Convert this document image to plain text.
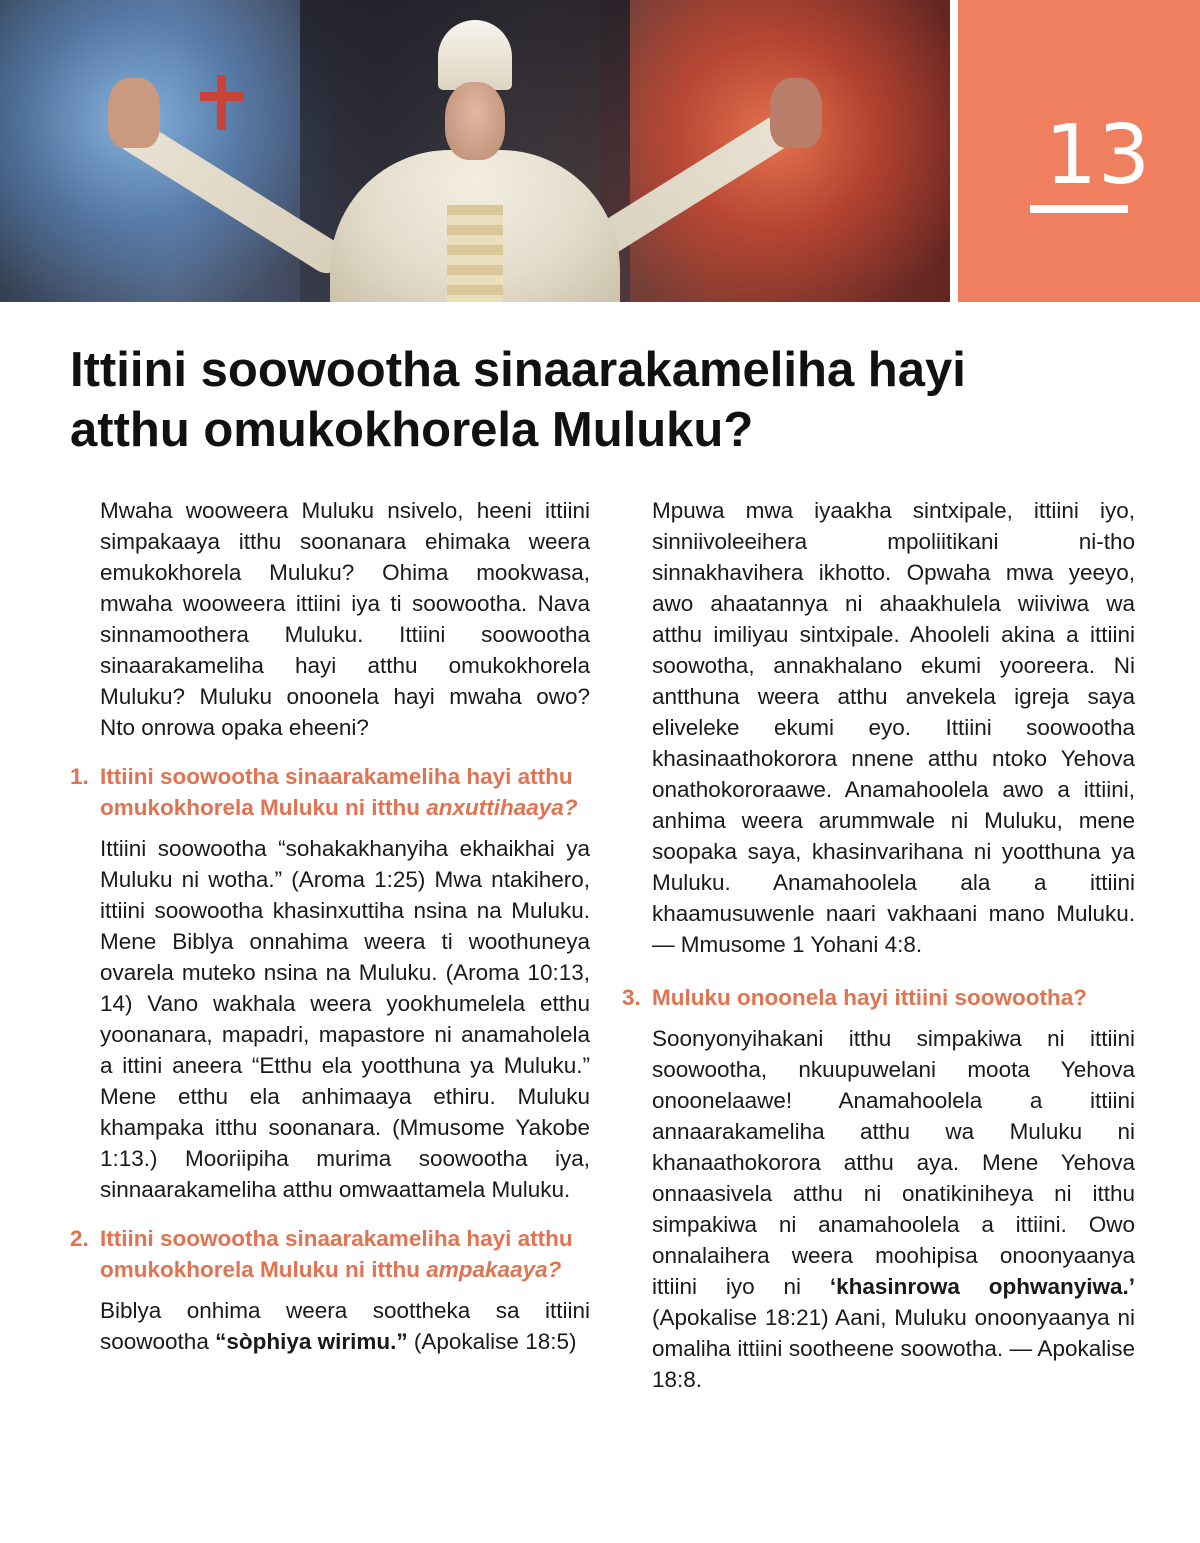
13
Ittiini soowootha sinaarakameliha hayi atthu omukokhorela Muluku?

Mwaha wooweera Muluku nsivelo, heeni ittiini simpakaaya itthu soonanara ehimaka weera emukokhorela Muluku? Ohima mookwasa, mwaha wooweera ittiini iya ti soowootha. Nava sinnamoothera Muluku. Ittiini soowootha sinaarakameliha hayi atthu omukokhorela Muluku? Muluku onoonela hayi mwaha owo? Nto onrowa opaka eheeni?

1. Ittiini soowootha sinaarakameliha hayi atthu omukokhorela Muluku ni itthu anxuttihaaya?

Ittiini soowootha “sohakakhanyiha ekhaikhai ya Muluku ni wotha.” (Aroma 1:25) Mwa ntakihero, ittiini soowootha khasinxuttiha nsina na Muluku. Mene Biblya onnahima weera ti woothuneya ovarela muteko nsina na Muluku. (Aroma 10:13, 14) Vano wakhala weera yookhumelela etthu yoonanara, mapadri, mapastore ni anamaholela a ittini aneera “Etthu ela yootthuna ya Muluku.” Mene etthu ela anhimaaya ethiru. Muluku khampaka itthu soonanara. (Mmusome Yakobe 1:13.) Mooriipiha murima soowootha iya, sinnaarakameliha atthu omwaattamela Muluku.

2. Ittiini soowootha sinaarakameliha hayi atthu omukokhorela Muluku ni itthu ampakaaya?

Biblya onhima weera soottheka sa ittiini soowootha “sòphiya wirimu.” (Apokalise 18:5)

Mpuwa mwa iyaakha sintxipale, ittiini iyo, sinniivoleeihera mpoliitikani ni-tho sinnakhavihera ikhotto. Opwaha mwa yeeyo, awo ahaatannya ni ahaakhulela wiiviwa wa atthu imiliyau sintxipale. Ahooleli akina a ittiini soowotha, annakhalano ekumi yooreera. Ni antthuna weera atthu anvekela igreja saya eliveleke ekumi eyo. Ittiini soowootha khasinaathokorora nnene atthu ntoko Yehova onathokororaawe. Anamahoolela awo a ittiini, anhima weera arummwale ni Muluku, mene soopaka saya, khasinvarihana ni yootthuna ya Muluku. Anamahoolela ala a ittiini khaamusuwenle naari vakhaani mano Muluku. — Mmusome 1 Yohani 4:8.

3. Muluku onoonela hayi ittiini soowootha?

Soonyonyihakani itthu simpakiwa ni ittiini soowootha, nkuupuwelani moota Yehova onoonelaawe! Anamahoolela a ittiini annaarakameliha atthu wa Muluku ni khanaathokorora atthu aya. Mene Yehova onnaasivela atthu ni onatikiniheya ni itthu simpakiwa ni anamahoolela a ittiini. Owo onnalaihera weera moohipisa onoonyaanya ittiini iyo ni ‘khasinrowa ophwanyiwa.’ (Apokalise 18:21) Aani, Muluku onoonyaanya ni omaliha ittiini sootheene soowotha. — Apokalise 18:8.
